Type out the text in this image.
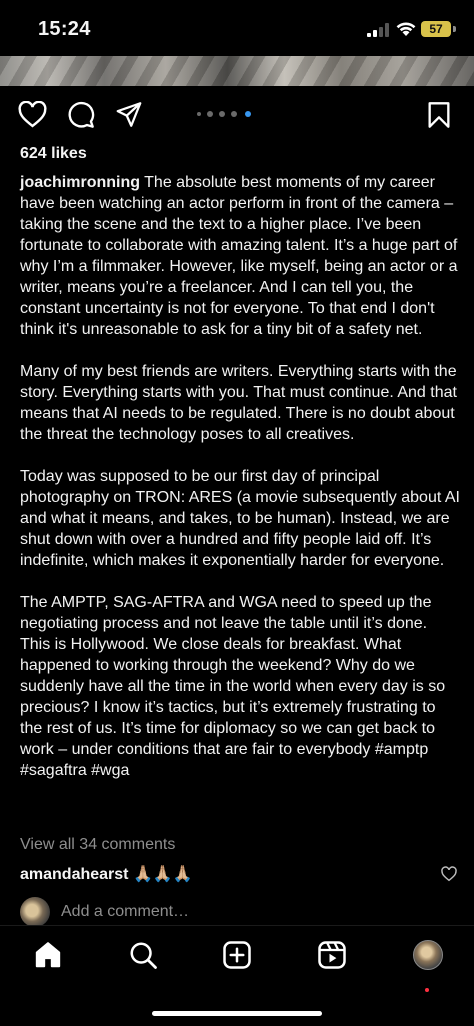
15:24	57
624 likes

joachimronning The absolute best moments of my career have been watching an actor perform in front of the camera – taking the scene and the text to a higher place. I’ve been fortunate to collaborate with amazing talent. It’s a huge part of why I’m a filmmaker. However, like myself, being an actor or a writer, means you’re a freelancer. And I can tell you, the constant uncertainty is not for everyone. To that end I don't think it's unreasonable to ask for a tiny bit of a safety net.

Many of my best friends are writers. Everything starts with the story. Everything starts with you. That must continue. And that means that AI needs to be regulated. There is no doubt about the threat the technology poses to all creatives.

Today was supposed to be our first day of principal photography on TRON: ARES (a movie subsequently about AI and what it means, and takes, to be human). Instead, we are shut down with over a hundred and fifty people laid off. It’s indefinite, which makes it exponentially harder for everyone.

The AMPTP, SAG-AFTRA and WGA need to speed up the negotiating process and not leave the table until it’s done. This is Hollywood. We close deals for breakfast. What happened to working through the weekend? Why do we suddenly have all the time in the world when every day is so precious? I know it’s tactics, but it’s extremely frustrating to the rest of us. It’s time for diplomacy so we can get back to work – under conditions that are fair to everybody #amptp #sagaftra #wga

View all 34 comments
amandahearst 🙏🏼🙏🏼🙏🏼
Add a comment…
